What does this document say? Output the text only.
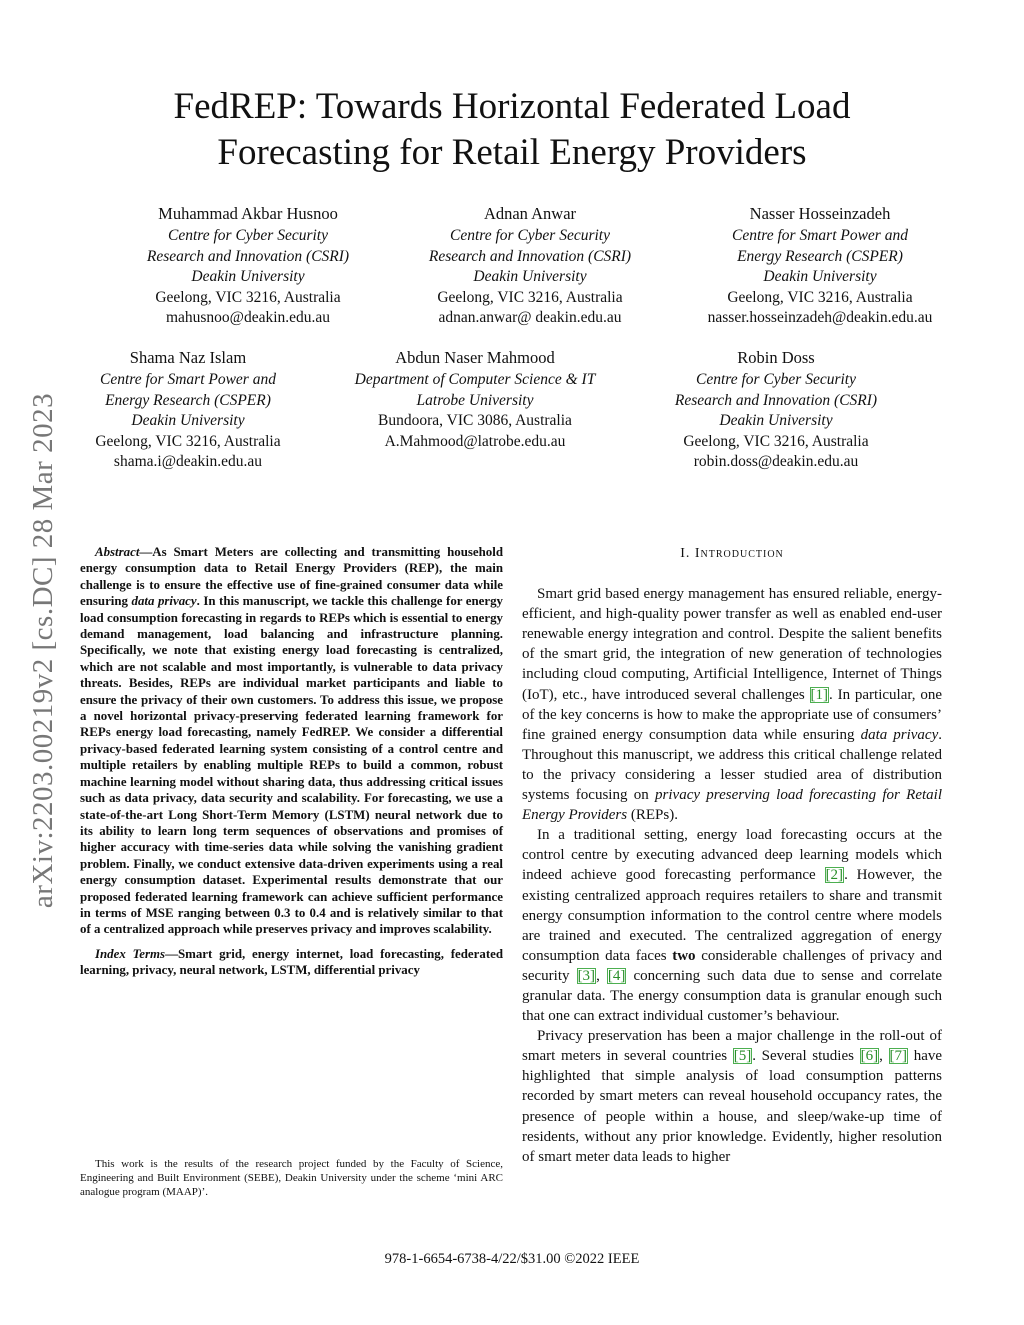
FedREP: Towards Horizontal Federated Load
Forecasting for Retail Energy Providers
Muhammad Akbar Husnoo
Centre for Cyber Security
Research and Innovation (CSRI)
Deakin University
Geelong, VIC 3216, Australia
mahusnoo@deakin.edu.au
Adnan Anwar
Centre for Cyber Security
Research and Innovation (CSRI)
Deakin University
Geelong, VIC 3216, Australia
adnan.anwar@ deakin.edu.au
Nasser Hosseinzadeh
Centre for Smart Power and
Energy Research (CSPER)
Deakin University
Geelong, VIC 3216, Australia
nasser.hosseinzadeh@deakin.edu.au
Shama Naz Islam
Centre for Smart Power and
Energy Research (CSPER)
Deakin University
Geelong, VIC 3216, Australia
shama.i@deakin.edu.au
Abdun Naser Mahmood
Department of Computer Science & IT
Latrobe University
Bundoora, VIC 3086, Australia
A.Mahmood@latrobe.edu.au
Robin Doss
Centre for Cyber Security
Research and Innovation (CSRI)
Deakin University
Geelong, VIC 3216, Australia
robin.doss@deakin.edu.au
arXiv:2203.00219v2 [cs.DC] 28 Mar 2023	Abstract—As Smart Meters are collecting and transmitting household energy consumption data to Retail Energy Providers (REP), the main challenge is to ensure the effective use of fine-grained consumer data while ensuring data privacy. In this manuscript, we tackle this challenge for energy load consumption forecasting in regards to REPs which is essential to energy demand management, load balancing and infrastructure planning. Specifically, we note that existing energy load forecasting is centralized, which are not scalable and most importantly, is vulnerable to data privacy threats. Besides, REPs are individual market participants and liable to ensure the privacy of their own customers. To address this issue, we propose a novel horizontal privacy-preserving federated learning framework for REPs energy load forecasting, namely FedREP. We consider a differential privacy-based federated learning system consisting of a control centre and multiple retailers by enabling multiple REPs to build a common, robust machine learning model without sharing data, thus addressing critical issues such as data privacy, data security and scalability. For forecasting, we use a state-of-the-art Long Short-Term Memory (LSTM) neural network due to its ability to learn long term sequences of observations and promises of higher accuracy with time-series data while solving the vanishing gradient problem. Finally, we conduct extensive data-driven experiments using a real energy consumption dataset. Experimental results demonstrate that our proposed federated learning framework can achieve sufficient performance in terms of MSE ranging between 0.3 to 0.4 and is relatively similar to that of a centralized approach while preserves privacy and improves scalability.

Index Terms—Smart grid, energy internet, load forecasting, federated learning, privacy, neural network, LSTM, differential privacy

This work is the results of the research project funded by the Faculty of Science, Engineering and Built Environment (SEBE), Deakin University under the scheme ‘mini ARC analogue program (MAAP)’.

I. Introduction

Smart grid based energy management has ensured reliable, energy-efficient, and high-quality power transfer as well as enabled end-user renewable energy integration and control. Despite the salient benefits of the smart grid, the integration of new generation of technologies including cloud computing, Artificial Intelligence, Internet of Things (IoT), etc., have introduced several challenges [1]. In particular, one of the key concerns is how to make the appropriate use of consumers’ fine grained energy consumption data while ensuring data privacy. Throughout this manuscript, we address this critical challenge related to the privacy considering a lesser studied area of distribution systems focusing on privacy preserving load forecasting for Retail Energy Providers (REPs).

In a traditional setting, energy load forecasting occurs at the control centre by executing advanced deep learning models which indeed achieve good forecasting performance [2]. However, the existing centralized approach requires retailers to share and transmit energy consumption information to the control centre where models are trained and executed. The centralized aggregation of energy consumption data faces two considerable challenges of privacy and security [3], [4] concerning such data due to sense and correlate granular data. The energy consumption data is granular enough such that one can extract individual customer’s behaviour.

Privacy preservation has been a major challenge in the roll-out of smart meters in several countries [5]. Several studies [6], [7] have highlighted that simple analysis of load consumption patterns recorded by smart meters can reveal household occupancy rates, the presence of people within a house, and sleep/wake-up time of residents, without any prior knowledge. Evidently, higher resolution of smart meter data leads to higher

978-1-6654-6738-4/22/$31.00 ©2022 IEEE
